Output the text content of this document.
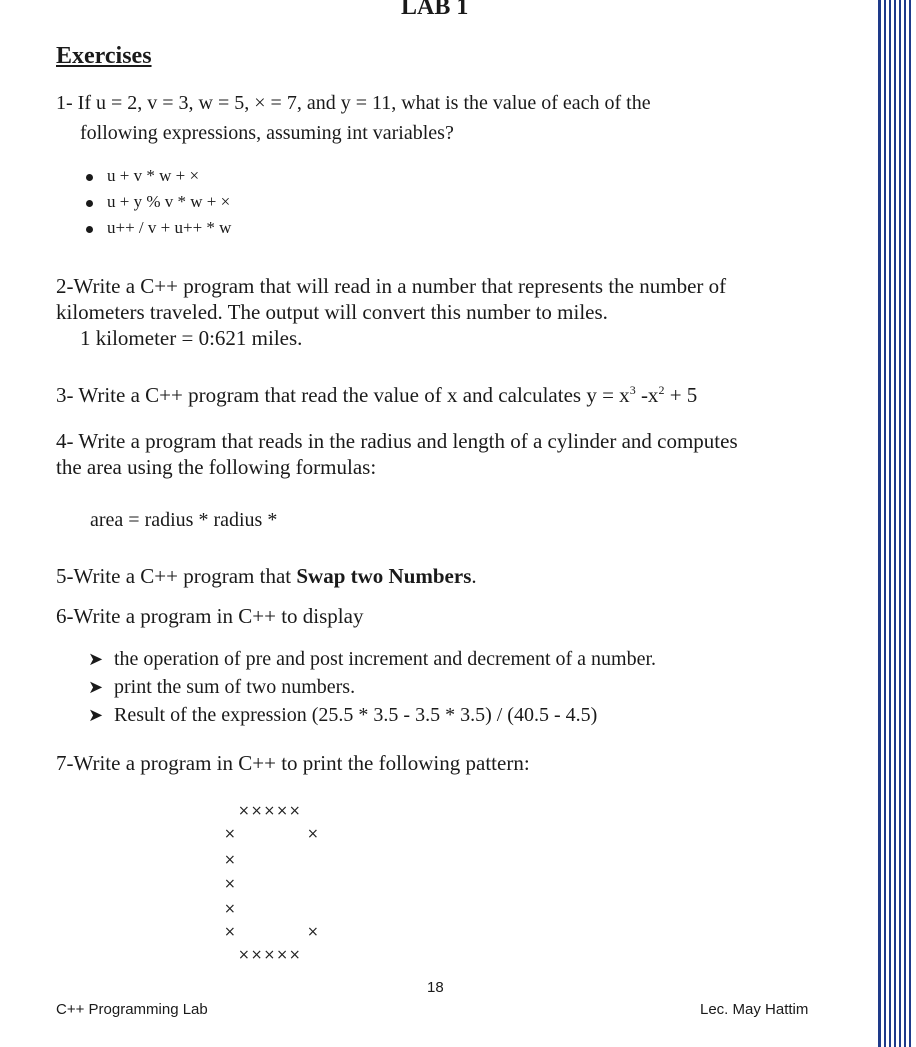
LAB 1
Exercises
1- If u = 2, v = 3, w = 5, × = 7, and y = 11, what is the value of each of the
following expressions, assuming int variables?
u + v * w + ×
u + y % v * w + ×
u++ / v + u++ * w
2-Write a C++ program that will read in a number that represents the number of
kilometers traveled. The output will convert this number to miles.
1 kilometer = 0:621 miles.
3- Write a C++ program that read the value of x and calculates $y = x^3$ $-x^2 + 5$
4- Write a program that reads in the radius and length of a cylinder and computes
the area using the following formulas:
area = radius * radius *
5-Write a C++ program that Swap two Numbers.
6-Write a program in C++ to display
➤ the operation of pre and post increment and decrement of a number.
➤ print the sum of two numbers.
➤ Result of the expression (25.5 * 3.5 - 3.5 * 3.5) / (40.5 - 4.5)
7-Write a program in C++ to print the following pattern:
×××××
×	×
×
×
×
×	×
×××××
18
C++ Programming Lab	Lec. May Hattim
